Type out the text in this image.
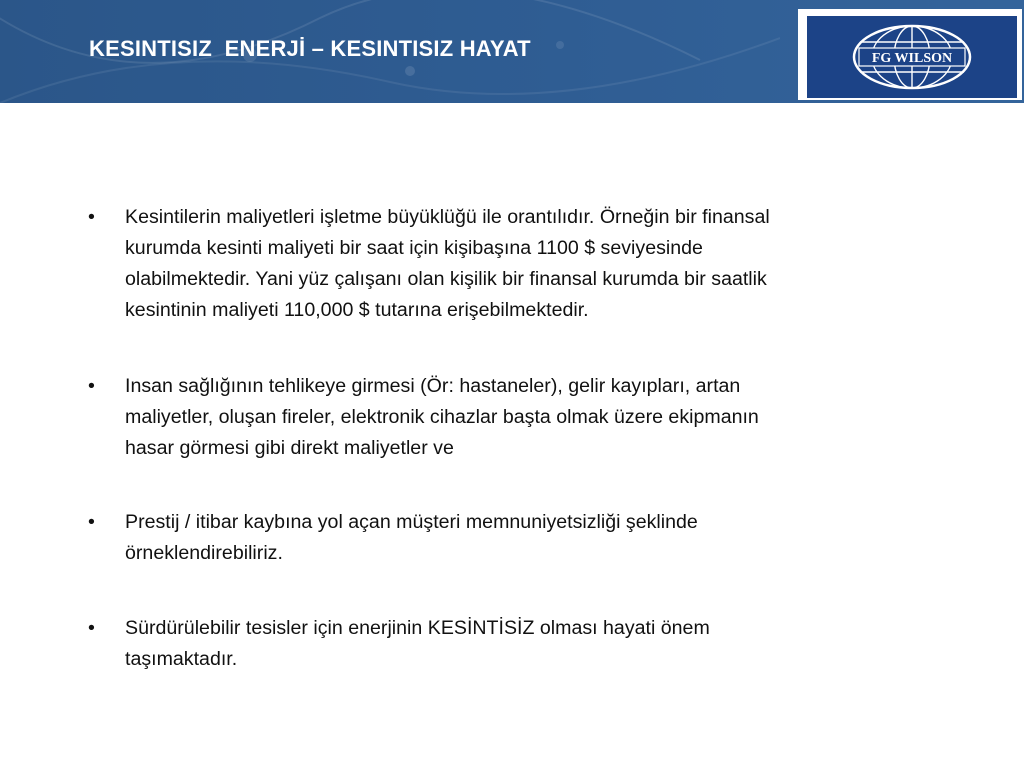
KESINTISIZ  ENERJİ – KESINTISIZ HAYAT	FG WILSON
• Kesintilerin maliyetleri işletme büyüklüğü ile orantılıdır. Örneğin bir finansal
kurumda kesinti maliyeti bir saat için kişibaşına 1100 $ seviyesinde
olabilmektedir. Yani yüz çalışanı olan kişilik bir finansal kurumda bir saatlik
kesintinin maliyeti 110,000 $ tutarına erişebilmektedir.
• Insan sağlığının tehlikeye girmesi (Ör: hastaneler), gelir kayıpları, artan
maliyetler, oluşan fireler, elektronik cihazlar başta olmak üzere ekipmanın
hasar görmesi gibi direkt maliyetler ve
• Prestij / itibar kaybına yol açan müşteri memnuniyetsizliği şeklinde
örneklendirebiliriz.
• Sürdürülebilir tesisler için enerjinin KESİNTİSİZ olması hayati önem
taşımaktadır.
